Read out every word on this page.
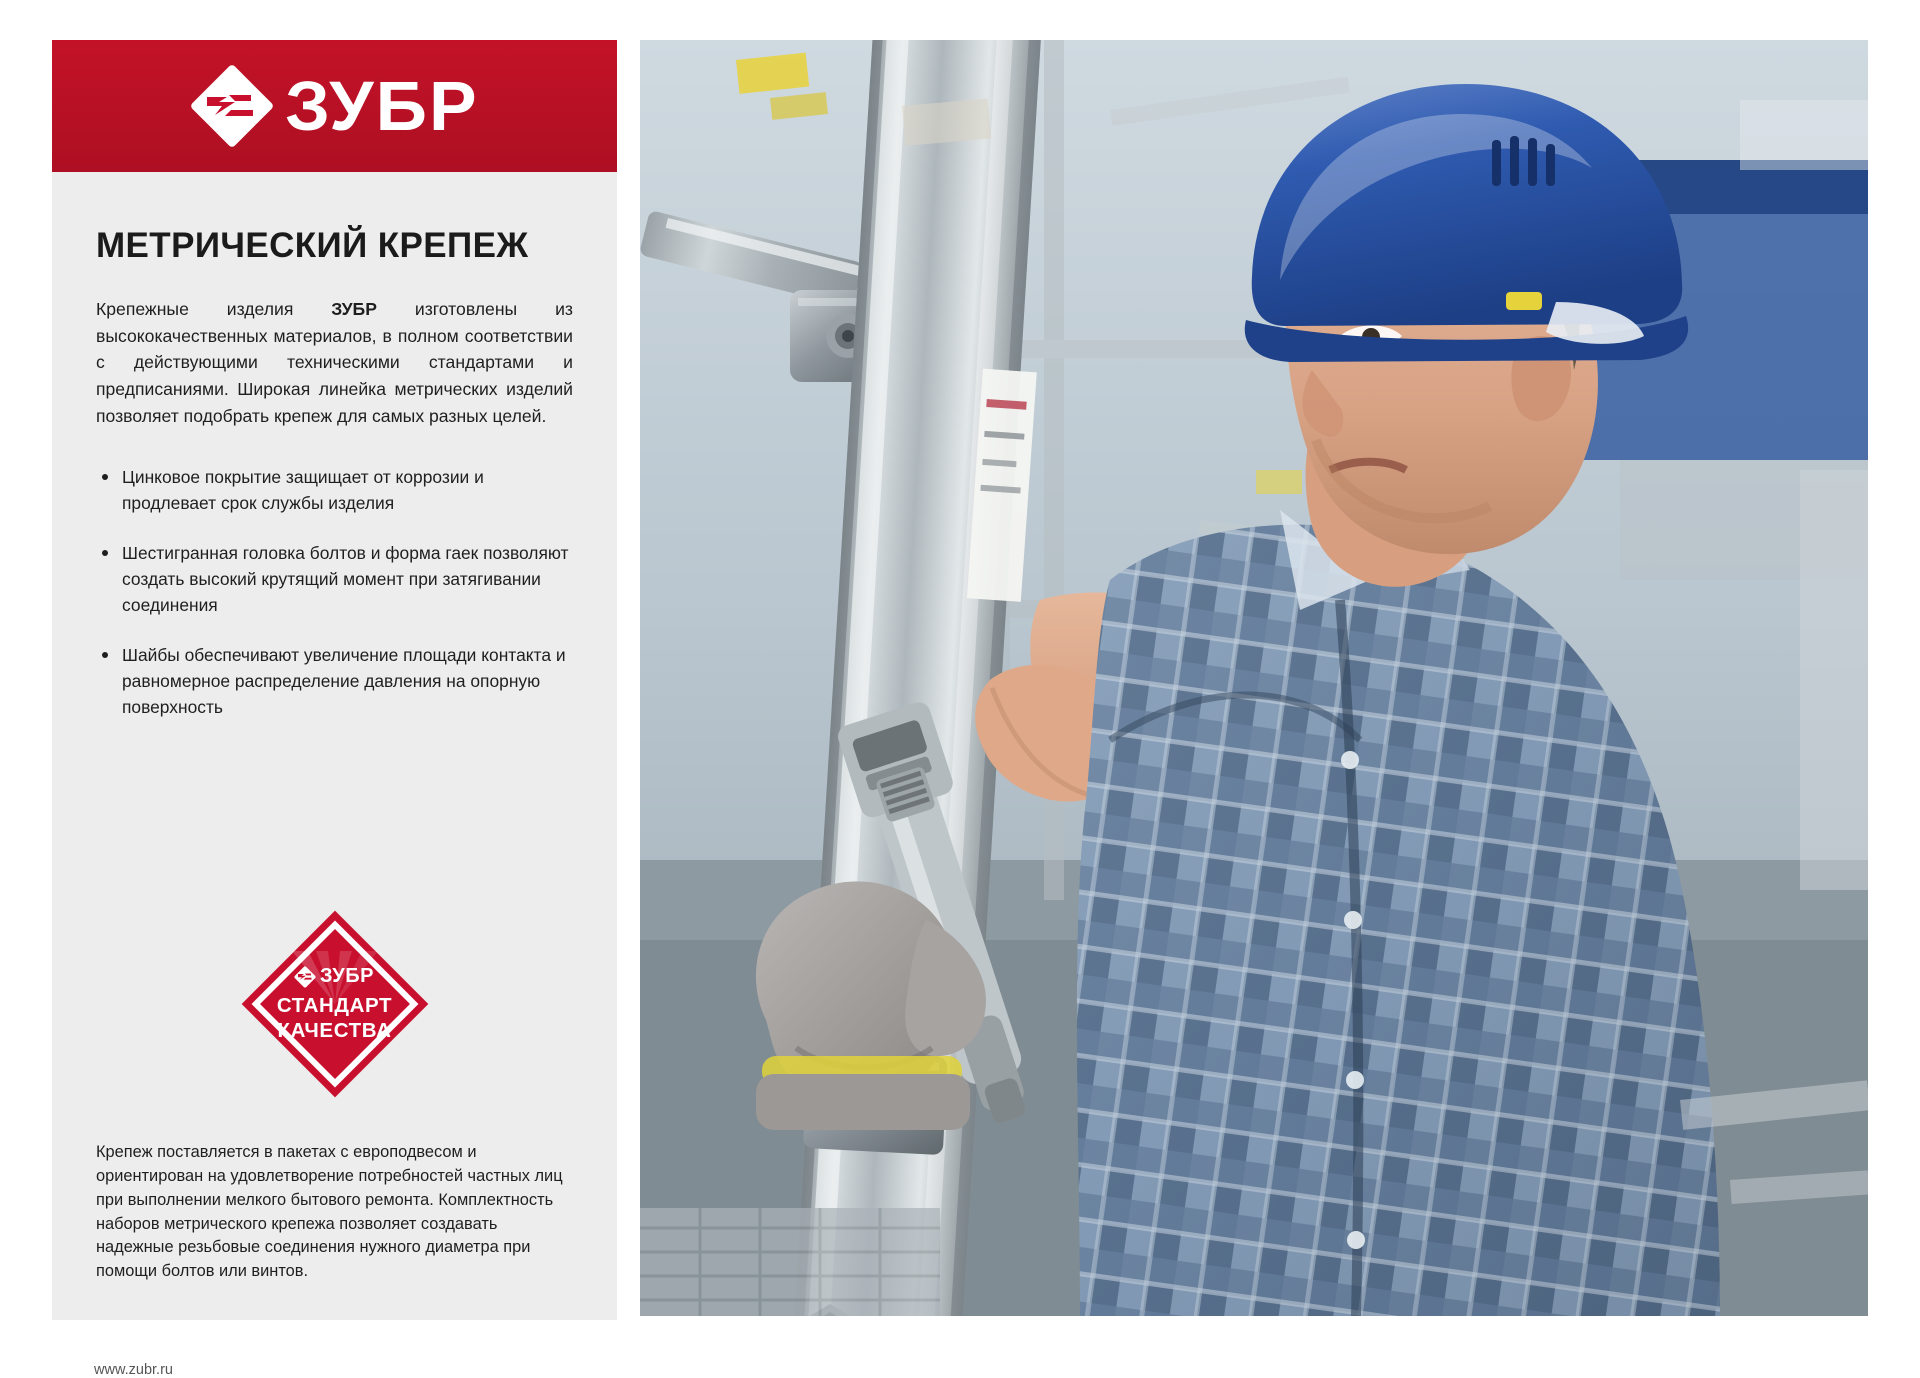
ЗУБР
МЕТРИЧЕСКИЙ КРЕПЕЖ

Крепежные изделия ЗУБР изготовлены из высококачественных материалов, в полном соответствии с действующими техническими стандартами и предписаниями. Широкая линейка метрических изделий позволяет подобрать крепеж для самых разных целей.

Цинковое покрытие защищает от коррозии и продлевает срок службы изделия
Шестиграннaя головка болтов и форма гаек позволяют создать высокий крутящий момент при затягивании соединения
Шайбы обеспечивают увеличение площади контакта и равномерное распределение давления на опорную поверхность
ЗУБР
СТАНДАРТ
КАЧЕСТВА

Крепеж поставляется в пакетах с европодвесом и ориентирован на удовлетворение потребностей частных лиц при выполнении мелкого бытового ремонта. Комплектность наборов метрического крепежа позволяет создавать надежные резьбовые соединения нужного диаметра при помощи болтов или винтов.

www.zubr.ru
